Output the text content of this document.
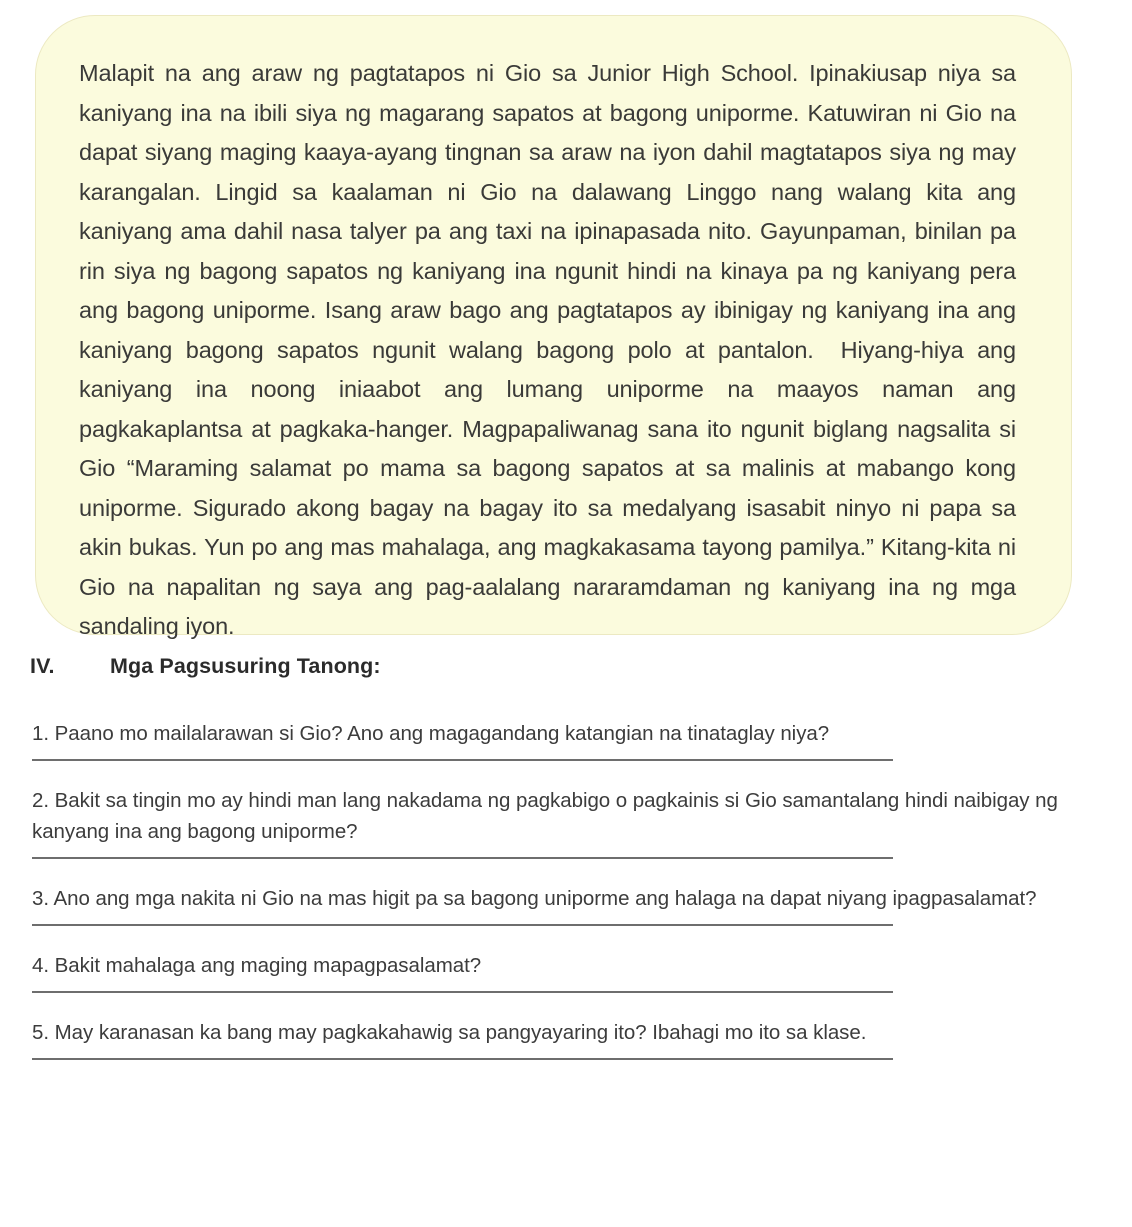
Malapit na ang araw ng pagtatapos ni Gio sa Junior High School. Ipinakiusap niya sa kaniyang ina na ibili siya ng magarang sapatos at bagong uniporme. Katuwiran ni Gio na dapat siyang maging kaaya-ayang tingnan sa araw na iyon dahil magtatapos siya ng may karangalan. Lingid sa kaalaman ni Gio na dalawang Linggo nang walang kita ang kaniyang ama dahil nasa talyer pa ang taxi na ipinapasada nito. Gayunpaman, binilan pa rin siya ng bagong sapatos ng kaniyang ina ngunit hindi na kinaya pa ng kaniyang pera ang bagong uniporme. Isang araw bago ang pagtatapos ay ibinigay ng kaniyang ina ang kaniyang bagong sapatos ngunit walang bagong polo at pantalon.  Hiyang-hiya ang kaniyang ina noong iniaabot ang lumang uniporme na maayos naman ang pagkakaplantsa at pagkaka-hanger. Magpapaliwanag sana ito ngunit biglang nagsalita si Gio “Maraming salamat po mama sa bagong sapatos at sa malinis at mabango kong uniporme. Sigurado akong bagay na bagay ito sa medalyang isasabit ninyo ni papa sa akin bukas. Yun po ang mas mahalaga, ang magkakasama tayong pamilya.” Kitang-kita ni Gio na napalitan ng saya ang pag-aalalang nararamdaman ng kaniyang ina ng mga sandaling iyon.
IV.	Mga Pagsusuring Tanong:
1. Paano mo mailalarawan si Gio? Ano ang magagandang katangian na tinataglay niya?
2. Bakit sa tingin mo ay hindi man lang nakadama ng pagkabigo o pagkainis si Gio samantalang hindi naibigay ng kanyang ina ang bagong uniporme?
3. Ano ang mga nakita ni Gio na mas higit pa sa bagong uniporme ang halaga na dapat niyang ipagpasalamat?
4. Bakit mahalaga ang maging mapagpasalamat?
5. May karanasan ka bang may pagkakahawig sa pangyayaring ito? Ibahagi mo ito sa klase.
